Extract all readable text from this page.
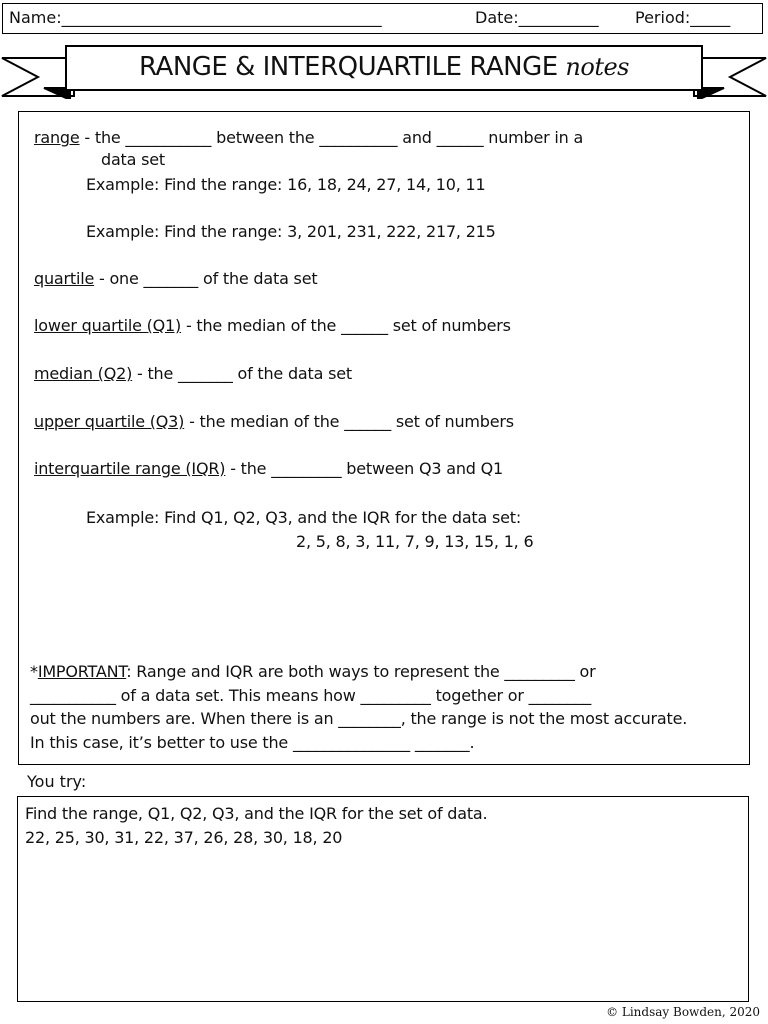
Name:________________________________________	Date:__________ Period:_____
RANGE & INTERQUARTILE RANGE notes
range - the ___________ between the __________ and ______ number in a
data set
Example: Find the range: 16, 18, 24, 27, 14, 10, 11
Example: Find the range: 3, 201, 231, 222, 217, 215
quartile - one _______ of the data set
lower quartile (Q1) - the median of the ______ set of numbers
median (Q2) - the _______ of the data set
upper quartile (Q3) - the median of the ______ set of numbers
interquartile range (IQR) - the _________ between Q3 and Q1
Example: Find Q1, Q2, Q3, and the IQR for the data set:
2, 5, 8, 3, 11, 7, 9, 13, 15, 1, 6
*IMPORTANT: Range and IQR are both ways to represent the _________ or
___________ of a data set. This means how _________ together or ________
out the numbers are. When there is an ________, the range is not the most accurate.
In this case, it’s better to use the _______________ _______.
You try:
Find the range, Q1, Q2, Q3, and the IQR for the set of data.
22, 25, 30, 31, 22, 37, 26, 28, 30, 18, 20
© Lindsay Bowden, 2020
